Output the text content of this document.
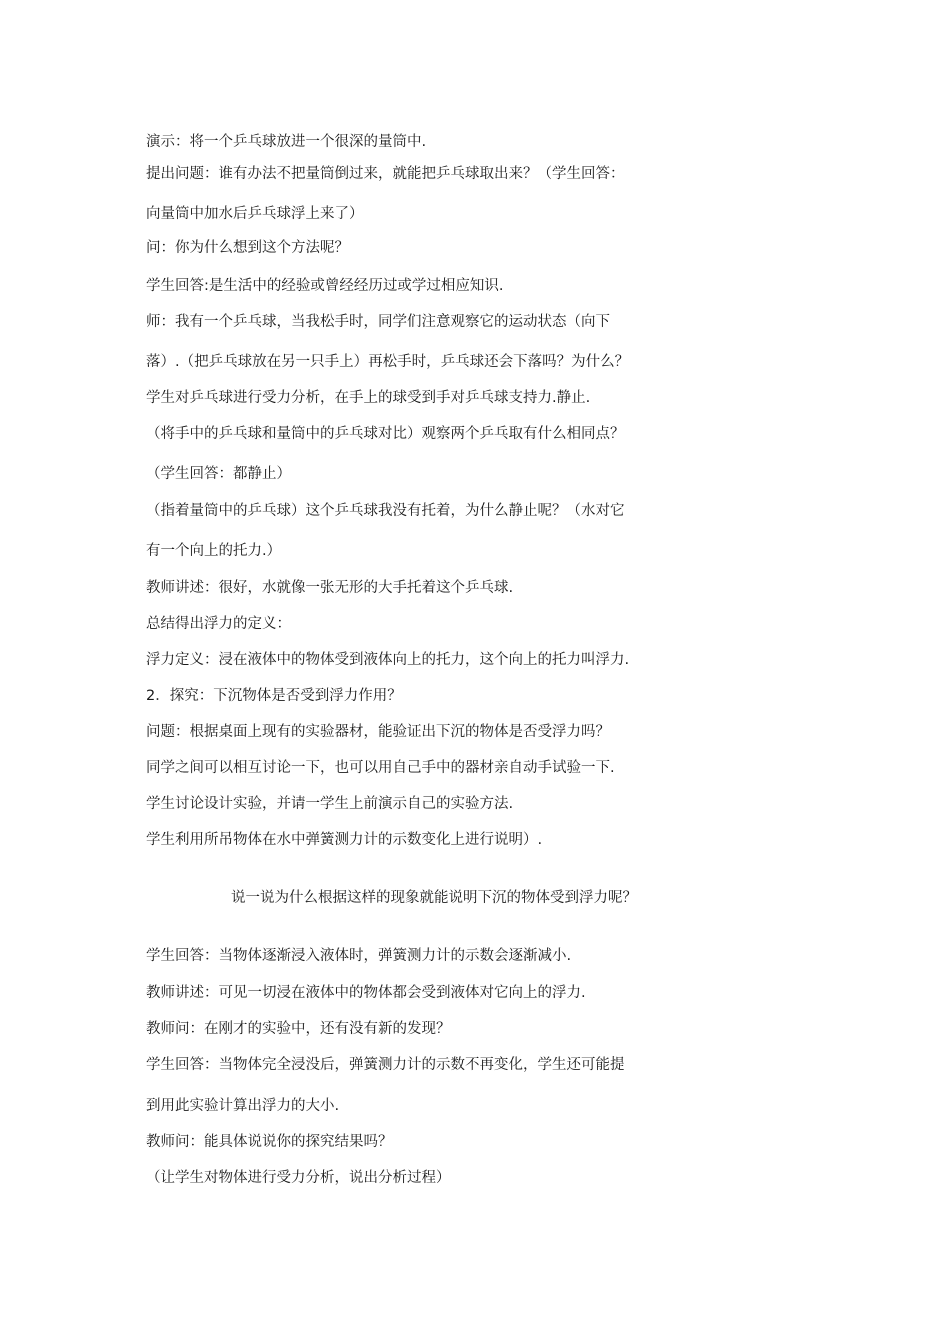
演示：将一个乒乓球放进一个很深的量筒中.
提出问题：谁有办法不把量筒倒过来，就能把乒乓球取出来？（学生回答：
向量筒中加水后乒乓球浮上来了）
问：你为什么想到这个方法呢？
学生回答:是生活中的经验或曾经经历过或学过相应知识.
师：我有一个乒乓球，当我松手时，同学们注意观察它的运动状态（向下
落）.（把乒乓球放在另一只手上）再松手时，乒乓球还会下落吗？为什么？
学生对乒乓球进行受力分析，在手上的球受到手对乒乓球支持力.静止.
（将手中的乒乓球和量筒中的乒乓球对比）观察两个乒乓取有什么相同点？
（学生回答：都静止）
（指着量筒中的乒乓球）这个乒乓球我没有托着，为什么静止呢？（水对它
有一个向上的托力.）
教师讲述：很好，水就像一张无形的大手托着这个乒乓球.
总结得出浮力的定义：
浮力定义：浸在液体中的物体受到液体向上的托力，这个向上的托力叫浮力.
2．探究：下沉物体是否受到浮力作用？
问题：根据桌面上现有的实验器材，能验证出下沉的物体是否受浮力吗？
同学之间可以相互讨论一下，也可以用自己手中的器材亲自动手试验一下.
学生讨论设计实验，并请一学生上前演示自己的实验方法.
学生利用所吊物体在水中弹簧测力计的示数变化上进行说明）.
说一说为什么根据这样的现象就能说明下沉的物体受到浮力呢？
学生回答：当物体逐渐浸入液体时，弹簧测力计的示数会逐渐减小.
教师讲述：可见一切浸在液体中的物体都会受到液体对它向上的浮力.
教师问：在刚才的实验中，还有没有新的发现？
学生回答：当物体完全浸没后，弹簧测力计的示数不再变化，学生还可能提
到用此实验计算出浮力的大小.
教师问：能具体说说你的探究结果吗？
（让学生对物体进行受力分析，说出分析过程）
